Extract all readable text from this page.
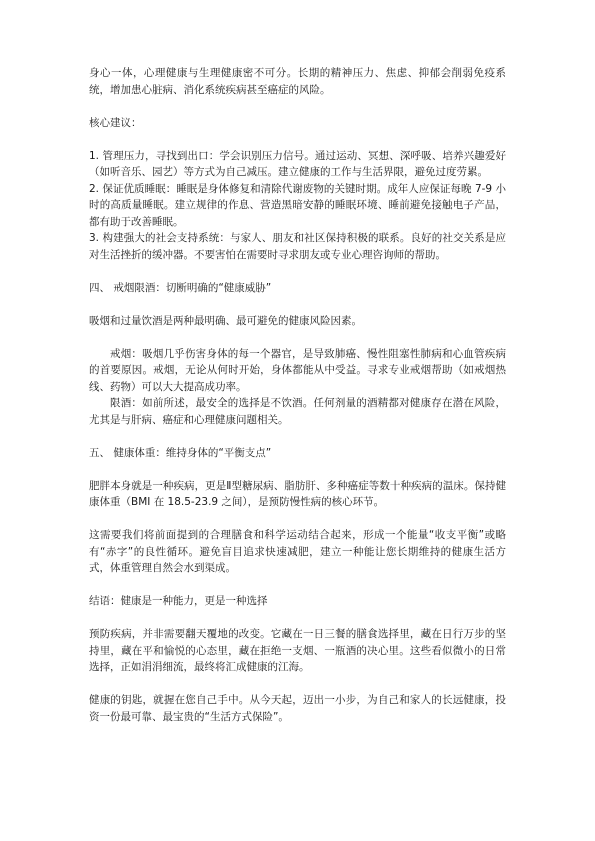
身心一体，心理健康与生理健康密不可分。长期的精神压力、焦虑、抑郁会削弱免疫系统，增加患心脏病、消化系统疾病甚至癌症的风险。

核心建议：

1. 管理压力，寻找到出口：学会识别压力信号。通过运动、冥想、深呼吸、培养兴趣爱好（如听音乐、园艺）等方式为自己减压。建立健康的工作与生活界限，避免过度劳累。

2. 保证优质睡眠：睡眠是身体修复和清除代谢废物的关键时期。成年人应保证每晚 7-9 小时的高质量睡眠。建立规律的作息、营造黑暗安静的睡眠环境、睡前避免接触电子产品，都有助于改善睡眠。

3. 构建强大的社会支持系统：与家人、朋友和社区保持积极的联系。良好的社交关系是应对生活挫折的缓冲器。不要害怕在需要时寻求朋友或专业心理咨询师的帮助。

四、 戒烟限酒：切断明确的“健康威胁”

吸烟和过量饮酒是两种最明确、最可避免的健康风险因素。

戒烟：吸烟几乎伤害身体的每一个器官，是导致肺癌、慢性阻塞性肺病和心血管疾病的首要原因。戒烟，无论从何时开始，身体都能从中受益。寻求专业戒烟帮助（如戒烟热线、药物）可以大大提高成功率。

限酒：如前所述，最安全的选择是不饮酒。任何剂量的酒精都对健康存在潜在风险，尤其是与肝病、癌症和心理健康问题相关。

五、 健康体重：维持身体的“平衡支点”

肥胖本身就是一种疾病，更是Ⅱ型糖尿病、脂肪肝、多种癌症等数十种疾病的温床。保持健康体重（BMI 在 18.5-23.9 之间），是预防慢性病的核心环节。

这需要我们将前面提到的合理膳食和科学运动结合起来，形成一个能量“收支平衡”或略有“赤字”的良性循环。避免盲目追求快速减肥，建立一种能让您长期维持的健康生活方式，体重管理自然会水到渠成。

结语：健康是一种能力，更是一种选择

预防疾病，并非需要翻天覆地的改变。它藏在一日三餐的膳食选择里，藏在日行万步的坚持里，藏在平和愉悦的心态里，藏在拒绝一支烟、一瓶酒的决心里。这些看似微小的日常选择，正如涓涓细流，最终将汇成健康的江海。

健康的钥匙，就握在您自己手中。从今天起，迈出一小步，为自己和家人的长远健康，投资一份最可靠、最宝贵的“生活方式保险”。
